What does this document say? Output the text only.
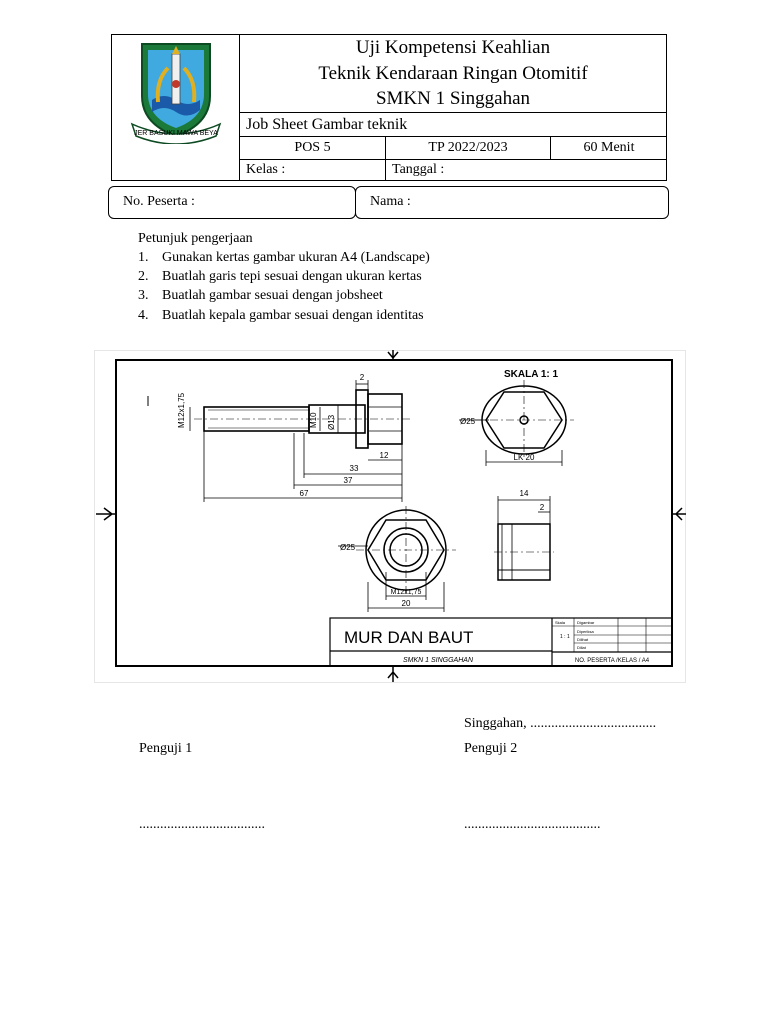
JER BASUKI MAWA BEYA
Uji Kompetensi Keahlian
Teknik Kendaraan Ringan Otomitif
SMKN 1 Singgahan
Job Sheet Gambar teknik
POS 5	TP 2022/2023	60 Menit
Kelas :	Tanggal :
No. Peserta :	Nama :
Petunjuk pengerjaan
1. Gunakan kertas gambar ukuran A4 (Landscape)
2. Buatlah garis tepi sesuai dengan ukuran kertas
3. Buatlah gambar sesuai dengan jobsheet
4. Buatlah kepala gambar sesuai dengan identitas
M12x1,75	M10 Ø13
2
12
33
37
67
SKALA 1: 1
Ø25
LK 20
Ø25
M12x1,75
20
14
2
MUR DAN BAUT
SMKN 1 SINGGAHAN
Skala
1 : 1
Digambar
Diperiksa
Dilihat
Diliat
NO. PESERTA /KELAS / A4
Singgahan, ....................................
Penguji 1	Penguji 2
....................................	.......................................
